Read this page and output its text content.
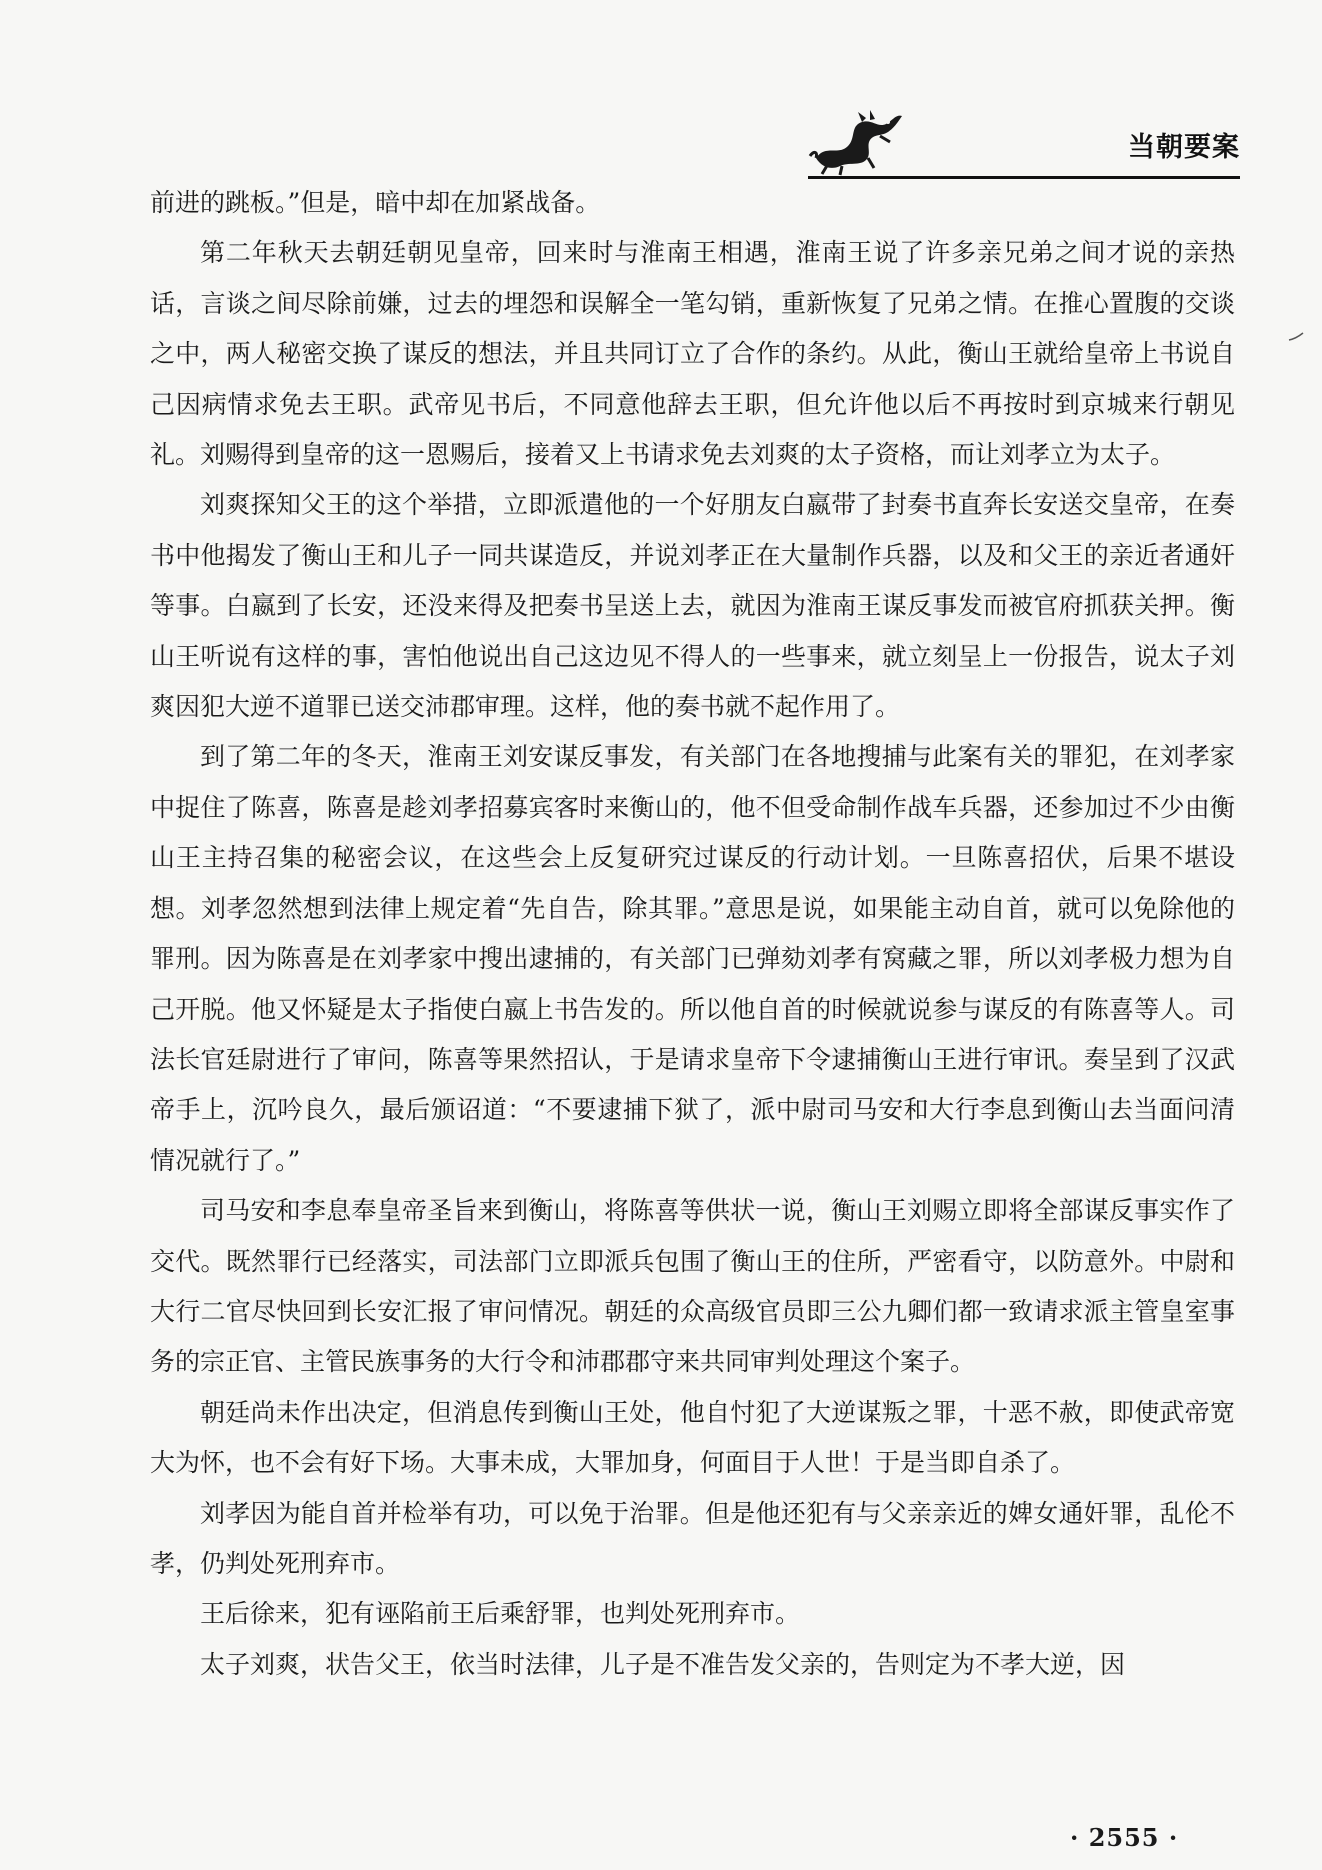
当朝要案

前进的跳板。”但是，暗中却在加紧战备。

第二年秋天去朝廷朝见皇帝，回来时与淮南王相遇，淮南王说了许多亲兄弟之间才说的亲热话，言谈之间尽除前嫌，过去的埋怨和误解全一笔勾销，重新恢复了兄弟之情。在推心置腹的交谈之中，两人秘密交换了谋反的想法，并且共同订立了合作的条约。从此，衡山王就给皇帝上书说自己因病情求免去王职。武帝见书后，不同意他辞去王职，但允许他以后不再按时到京城来行朝见礼。刘赐得到皇帝的这一恩赐后，接着又上书请求免去刘爽的太子资格，而让刘孝立为太子。

刘爽探知父王的这个举措，立即派遣他的一个好朋友白嬴带了封奏书直奔长安送交皇帝，在奏书中他揭发了衡山王和儿子一同共谋造反，并说刘孝正在大量制作兵器，以及和父王的亲近者通奸等事。白嬴到了长安，还没来得及把奏书呈送上去，就因为淮南王谋反事发而被官府抓获关押。衡山王听说有这样的事，害怕他说出自己这边见不得人的一些事来，就立刻呈上一份报告，说太子刘爽因犯大逆不道罪已送交沛郡审理。这样，他的奏书就不起作用了。

到了第二年的冬天，淮南王刘安谋反事发，有关部门在各地搜捕与此案有关的罪犯，在刘孝家中捉住了陈喜，陈喜是趁刘孝招募宾客时来衡山的，他不但受命制作战车兵器，还参加过不少由衡山王主持召集的秘密会议，在这些会上反复研究过谋反的行动计划。一旦陈喜招伏，后果不堪设想。刘孝忽然想到法律上规定着“先自告，除其罪。”意思是说，如果能主动自首，就可以免除他的罪刑。因为陈喜是在刘孝家中搜出逮捕的，有关部门已弹劾刘孝有窝藏之罪，所以刘孝极力想为自己开脱。他又怀疑是太子指使白嬴上书告发的。所以他自首的时候就说参与谋反的有陈喜等人。司法长官廷尉进行了审问，陈喜等果然招认，于是请求皇帝下令逮捕衡山王进行审讯。奏呈到了汉武帝手上，沉吟良久，最后颁诏道：“不要逮捕下狱了，派中尉司马安和大行李息到衡山去当面问清情况就行了。”

司马安和李息奉皇帝圣旨来到衡山，将陈喜等供状一说，衡山王刘赐立即将全部谋反事实作了交代。既然罪行已经落实，司法部门立即派兵包围了衡山王的住所，严密看守，以防意外。中尉和大行二官尽快回到长安汇报了审问情况。朝廷的众高级官员即三公九卿们都一致请求派主管皇室事务的宗正官、主管民族事务的大行令和沛郡郡守来共同审判处理这个案子。

朝廷尚未作出决定，但消息传到衡山王处，他自忖犯了大逆谋叛之罪，十恶不赦，即使武帝宽大为怀，也不会有好下场。大事未成，大罪加身，何面目于人世！于是当即自杀了。

刘孝因为能自首并检举有功，可以免于治罪。但是他还犯有与父亲亲近的婢女通奸罪，乱伦不孝，仍判处死刑弃市。

王后徐来，犯有诬陷前王后乘舒罪，也判处死刑弃市。

太子刘爽，状告父王，依当时法律，儿子是不准告发父亲的，告则定为不孝大逆，因

· 2555 ·
